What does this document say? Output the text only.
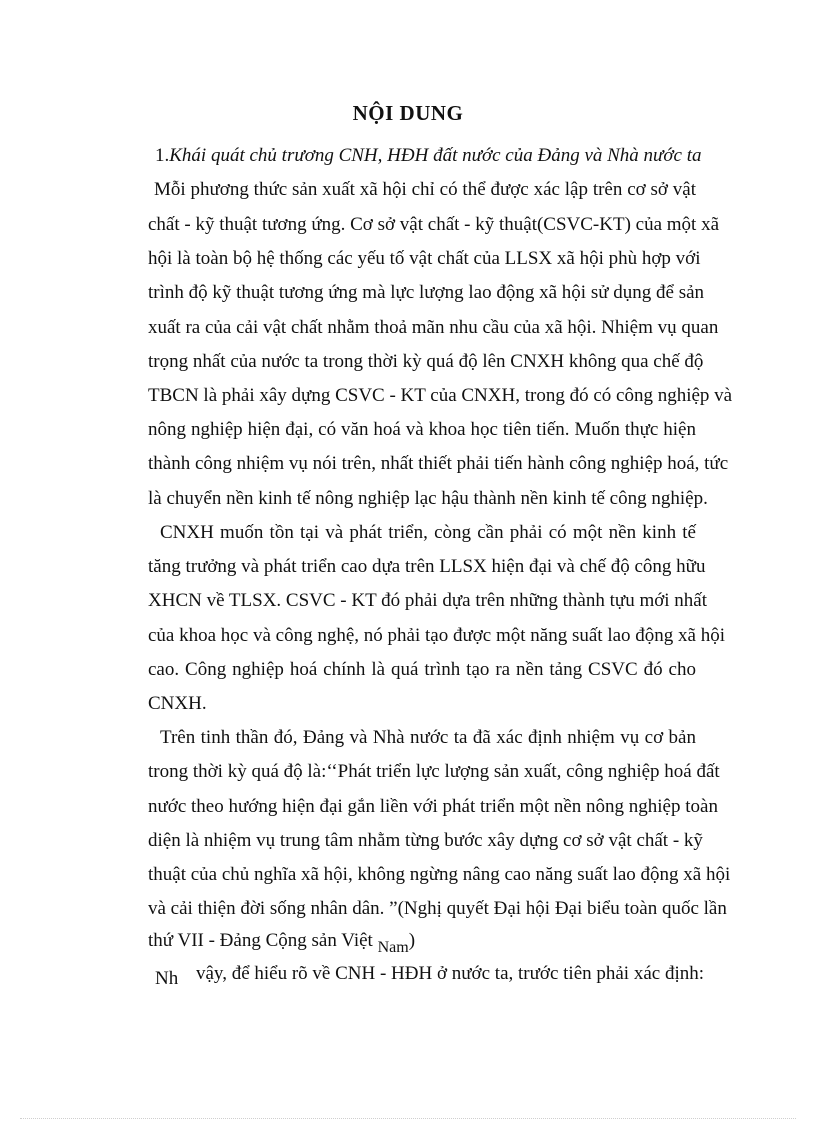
NỘI DUNG
1.Khái quát chủ trương CNH, HĐH đất nước của Đảng và Nhà nước ta
Mỗi phương thức sản xuất xã hội chỉ có thể được xác lập trên cơ sở vật
chất - kỹ thuật tương ứng. Cơ sở vật chất - kỹ thuật(CSVC-KT) của một xã
hội là toàn bộ hệ thống các yếu tố vật chất của LLSX xã hội phù hợp với
trình độ kỹ thuật tương ứng mà lực lượng lao động xã hội sử dụng để sản
xuất ra của cải vật chất nhằm thoả mãn nhu cầu của xã hội. Nhiệm vụ quan
trọng nhất của nước ta trong thời kỳ quá độ lên CNXH không qua chế độ
TBCN là phải xây dựng CSVC - KT của CNXH, trong đó có công nghiệp và
nông nghiệp hiện đại, có văn hoá và khoa học tiên tiến. Muốn thực hiện
thành công nhiệm vụ nói trên, nhất thiết phải tiến hành công nghiệp hoá, tức
là chuyển nền kinh tế nông nghiệp lạc hậu thành nền kinh tế công nghiệp.
CNXH muốn tồn tại và phát triển, còng cần phải có một nền kinh tế
tăng trưởng và phát triển cao dựa trên LLSX hiện đại và chế độ công hữu
XHCN về TLSX. CSVC - KT đó phải dựa trên những thành tựu mới nhất
của khoa học và công nghệ, nó phải tạo được một năng suất lao động xã hội
cao. Công nghiệp hoá chính là quá trình tạo ra nền tảng CSVC đó cho
CNXH.
Trên tinh thần đó, Đảng và Nhà nước ta đã xác định nhiệm vụ cơ bản
trong thời kỳ quá độ là:‘‘Phát triển lực lượng sản xuất, công nghiệp hoá đất
nước theo hướng hiện đại gắn liền với phát triển một nền nông nghiệp toàn
diện là nhiệm vụ trung tâm nhằm từng bước xây dựng cơ sở vật chất - kỹ
thuật của chủ nghĩa xã hội, không ngừng nâng cao năng suất lao động xã hội
và cải thiện đời sống nhân dân. ”(Nghị quyết Đại hội Đại biểu toàn quốc lần
thứ VII - Đảng Cộng sản Việt $_{Nam}$)
Nh vậy, để hiểu rõ về CNH - HĐH ở nước ta, trước tiên phải xác định:
